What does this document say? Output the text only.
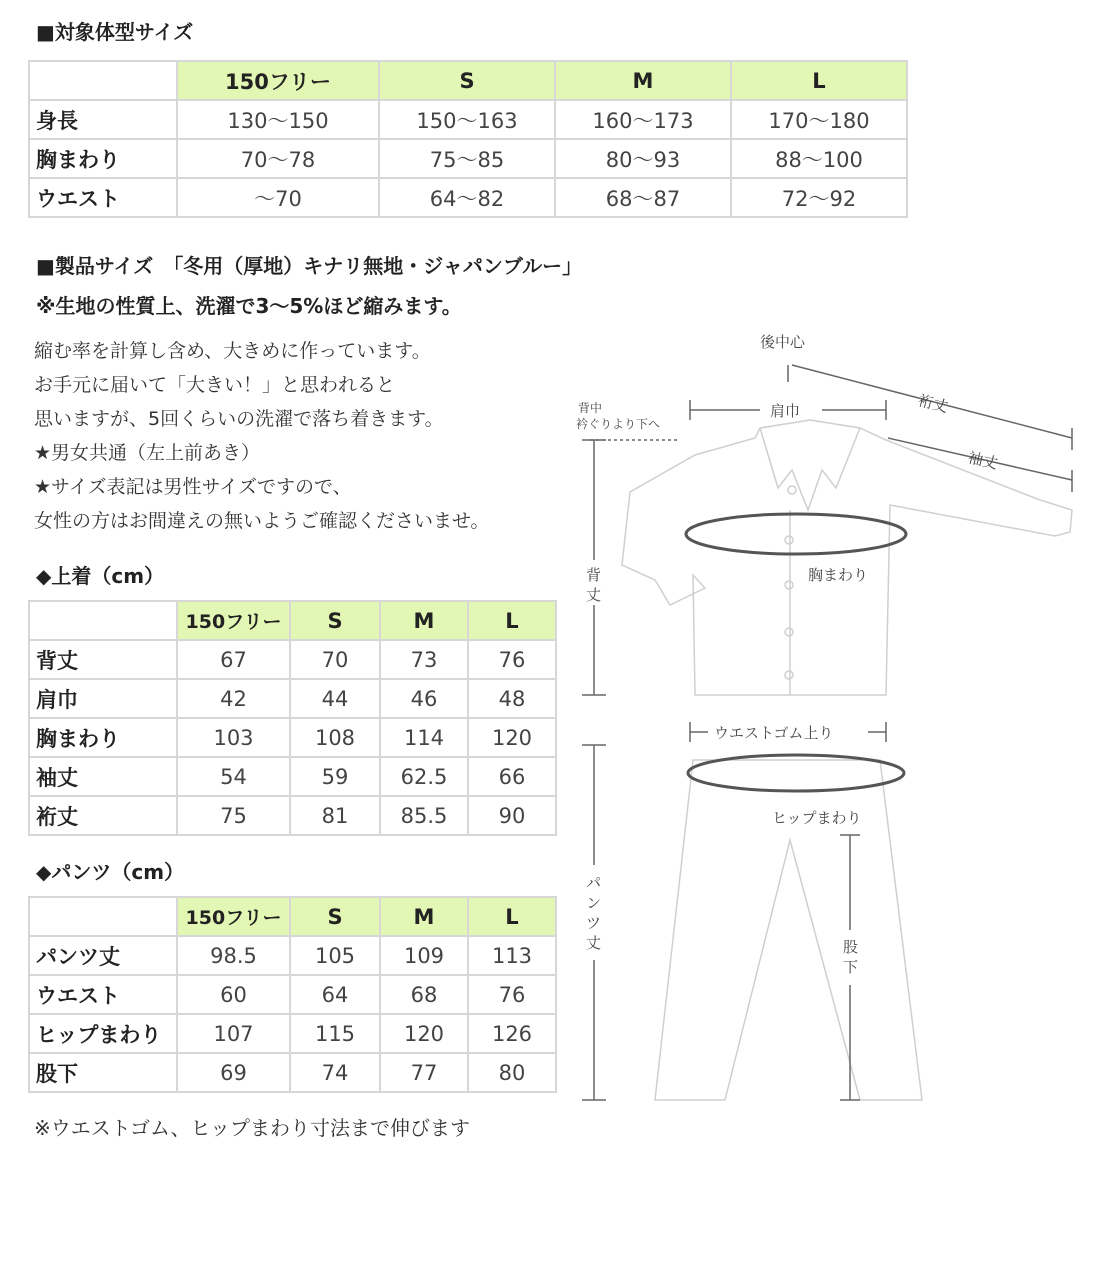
■対象体型サイズ
	150フリー	S	M	L
身長	130～150	150～163	160～173	170～180
胸まわり	70～78	75～85	80～93	88～100
ウエスト	～70	64～82	68～87	72～92
■製品サイズ　「冬用（厚地）キナリ無地・ジャパンブルー」
※生地の性質上、洗濯で3～5%ほど縮みます。
縮む率を計算し含め、大きめに作っています。
お手元に届いて「大きい！」と思われると
思いますが、5回くらいの洗濯で落ち着きます。
★男女共通（左上前あき）
★サイズ表記は男性サイズですので、
女性の方はお間違えの無いようご確認くださいませ。
◆上着（cm）
	150フリー	S	M	L
背丈	67	70	73	76
肩巾	42	44	46	48
胸まわり	103	108	114	120
袖丈	54	59	62.5	66
裄丈	75	81	85.5	90
◆パンツ（cm）
	150フリー	S	M	L
パンツ丈	98.5	105	109	113
ウエスト	60	64	68	76
ヒップまわり	107	115	120	126
股下	69	74	77	80
※ウエストゴム、ヒップまわり寸法まで伸びます
後中心
背中
衿ぐりより下へ
肩巾	裄丈
袖丈
背
丈
胸まわり
ウエストゴム上り
ヒップまわり
パ
ン
ツ
丈	股
下
